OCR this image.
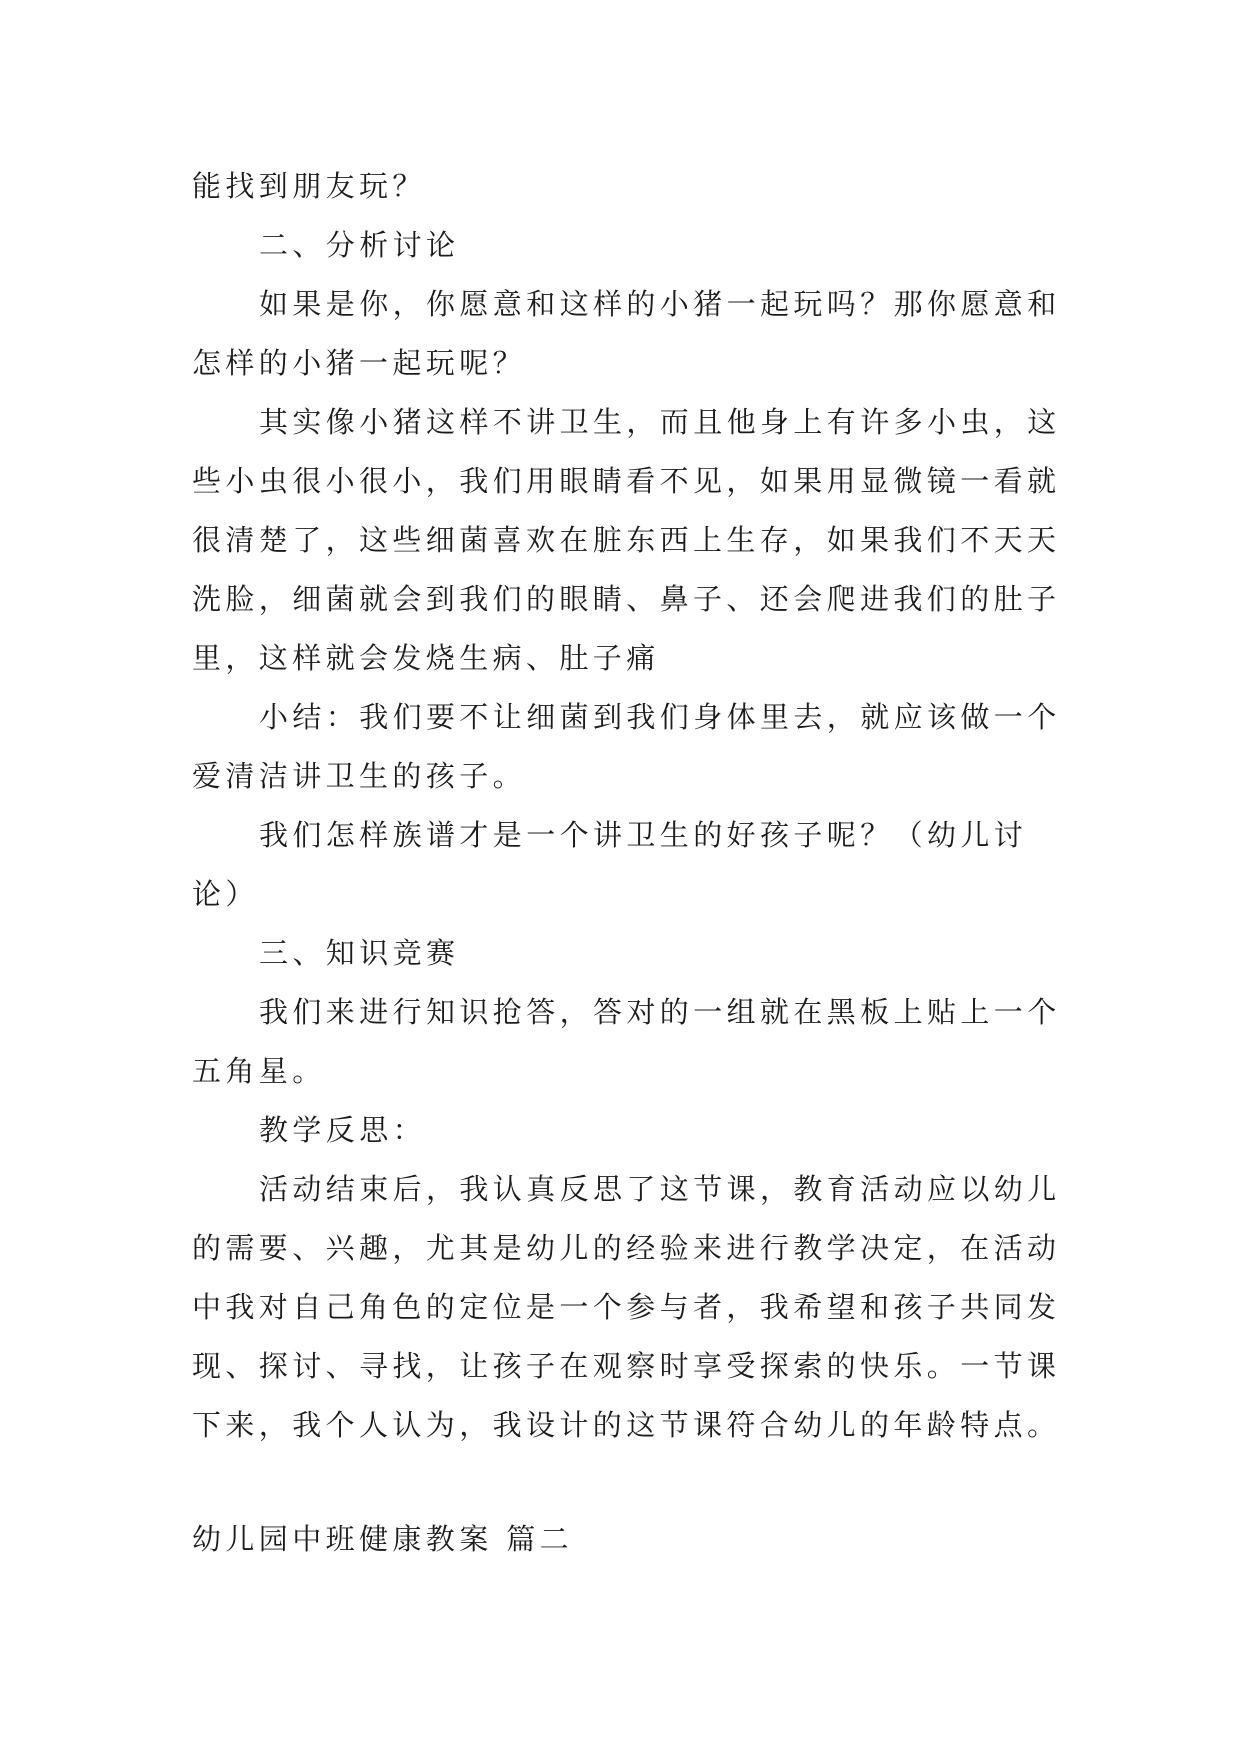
能找到朋友玩？
二、分析讨论
如果是你，你愿意和这样的小猪一起玩吗？那你愿意和
怎样的小猪一起玩呢？
其实像小猪这样不讲卫生，而且他身上有许多小虫，这
些小虫很小很小，我们用眼睛看不见，如果用显微镜一看就
很清楚了，这些细菌喜欢在脏东西上生存，如果我们不天天
洗脸，细菌就会到我们的眼睛、鼻子、还会爬进我们的肚子
里，这样就会发烧生病、肚子痛
小结：我们要不让细菌到我们身体里去，就应该做一个
爱清洁讲卫生的孩子。
我们怎样族谱才是一个讲卫生的好孩子呢？（幼儿讨
论）
三、知识竞赛
我们来进行知识抢答，答对的一组就在黑板上贴上一个
五角星。
教学反思：
活动结束后，我认真反思了这节课，教育活动应以幼儿
的需要、兴趣，尤其是幼儿的经验来进行教学决定，在活动
中我对自己角色的定位是一个参与者，我希望和孩子共同发
现、探讨、寻找，让孩子在观察时享受探索的快乐。一节课
下来，我个人认为，我设计的这节课符合幼儿的年龄特点。
幼儿园中班健康教案 篇二
